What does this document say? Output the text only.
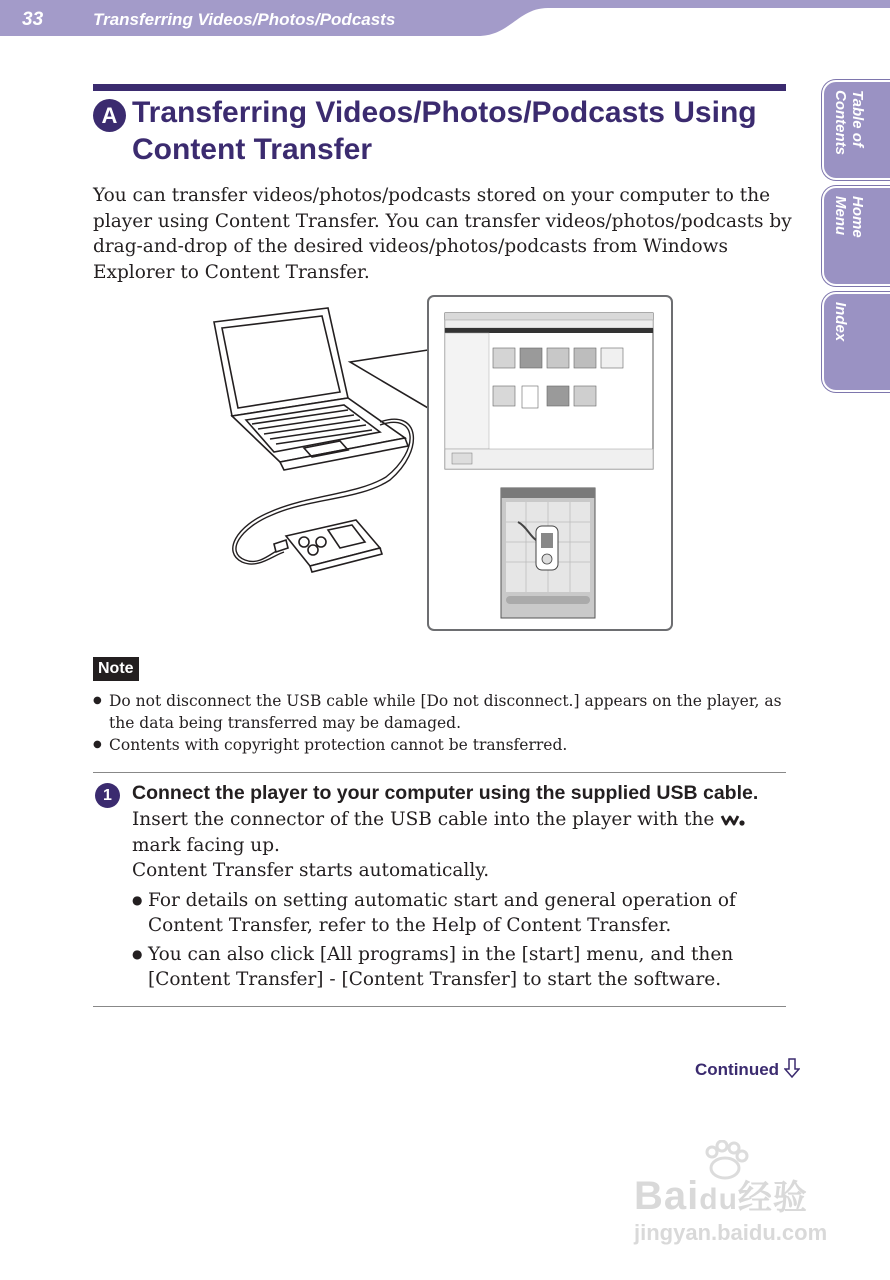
33	Transferring Videos/Photos/Podcasts
Table of
Contents
Home
Menu
Index
A Transferring Videos/Photos/Podcasts Using Content Transfer

You can transfer videos/photos/podcasts stored on your computer to the player using Content Transfer. You can transfer videos/photos/podcasts by drag-and-drop of the desired videos/photos/podcasts from Windows Explorer to Content Transfer.

Note
● Do not disconnect the USB cable while [Do not disconnect.] appears on the player, as the data being transferred may be damaged.
● Contents with copyright protection cannot be transferred.
1	Connect the player to your computer using the supplied USB cable.

Insert the connector of the USB cable into the player with the  mark facing up.

Content Transfer starts automatically.

● For details on setting automatic start and general operation of Content Transfer, refer to the Help of Content Transfer.
● You can also click [All programs] in the [start] menu, and then [Content Transfer] - [Content Transfer] to start the software.
Continued
Baidu经验
jingyan.baidu.com
